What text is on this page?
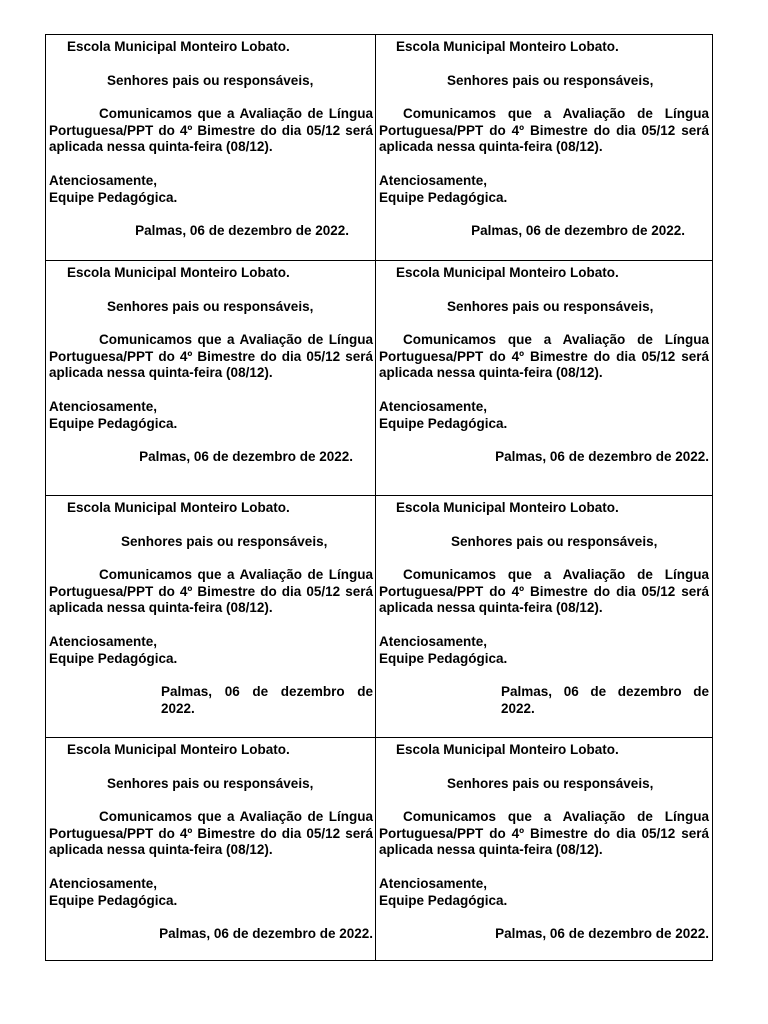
Escola Municipal Monteiro Lobato.

Senhores pais ou responsáveis,

Comunicamos que a Avaliação de Língua Portuguesa/PPT do 4º Bimestre do dia 05/12 será aplicada nessa quinta-feira (08/12).

Atenciosamente,
Equipe Pedagógica.

Palmas, 06 de dezembro de 2022.

Escola Municipal Monteiro Lobato.

Senhores pais ou responsáveis,

Comunicamos que a Avaliação de Língua Portuguesa/PPT do 4º Bimestre do dia 05/12 será aplicada nessa quinta-feira (08/12).

Atenciosamente,
Equipe Pedagógica.

Palmas, 06 de dezembro de 2022.

Escola Municipal Monteiro Lobato.

Senhores pais ou responsáveis,

Comunicamos que a Avaliação de Língua Portuguesa/PPT do 4º Bimestre do dia 05/12 será aplicada nessa quinta-feira (08/12).

Atenciosamente,
Equipe Pedagógica.

Palmas, 06 de dezembro de 2022.

Escola Municipal Monteiro Lobato.

Senhores pais ou responsáveis,

Comunicamos que a Avaliação de Língua Portuguesa/PPT do 4º Bimestre do dia 05/12 será aplicada nessa quinta-feira (08/12).

Atenciosamente,
Equipe Pedagógica.

Palmas, 06 de dezembro de 2022.

Escola Municipal Monteiro Lobato.

Senhores pais ou responsáveis,

Comunicamos que a Avaliação de Língua Portuguesa/PPT do 4º Bimestre do dia 05/12 será aplicada nessa quinta-feira (08/12).

Atenciosamente,
Equipe Pedagógica.

Palmas, 06 de dezembro de 2022.

Escola Municipal Monteiro Lobato.

Senhores pais ou responsáveis,

Comunicamos que a Avaliação de Língua Portuguesa/PPT do 4º Bimestre do dia 05/12 será aplicada nessa quinta-feira (08/12).

Atenciosamente,
Equipe Pedagógica.

Palmas, 06 de dezembro de 2022.

Escola Municipal Monteiro Lobato.

Senhores pais ou responsáveis,

Comunicamos que a Avaliação de Língua Portuguesa/PPT do 4º Bimestre do dia 05/12 será aplicada nessa quinta-feira (08/12).

Atenciosamente,
Equipe Pedagógica.

Palmas, 06 de dezembro de 2022.

Escola Municipal Monteiro Lobato.

Senhores pais ou responsáveis,

Comunicamos que a Avaliação de Língua Portuguesa/PPT do 4º Bimestre do dia 05/12 será aplicada nessa quinta-feira (08/12).

Atenciosamente,
Equipe Pedagógica.

Palmas, 06 de dezembro de 2022.
